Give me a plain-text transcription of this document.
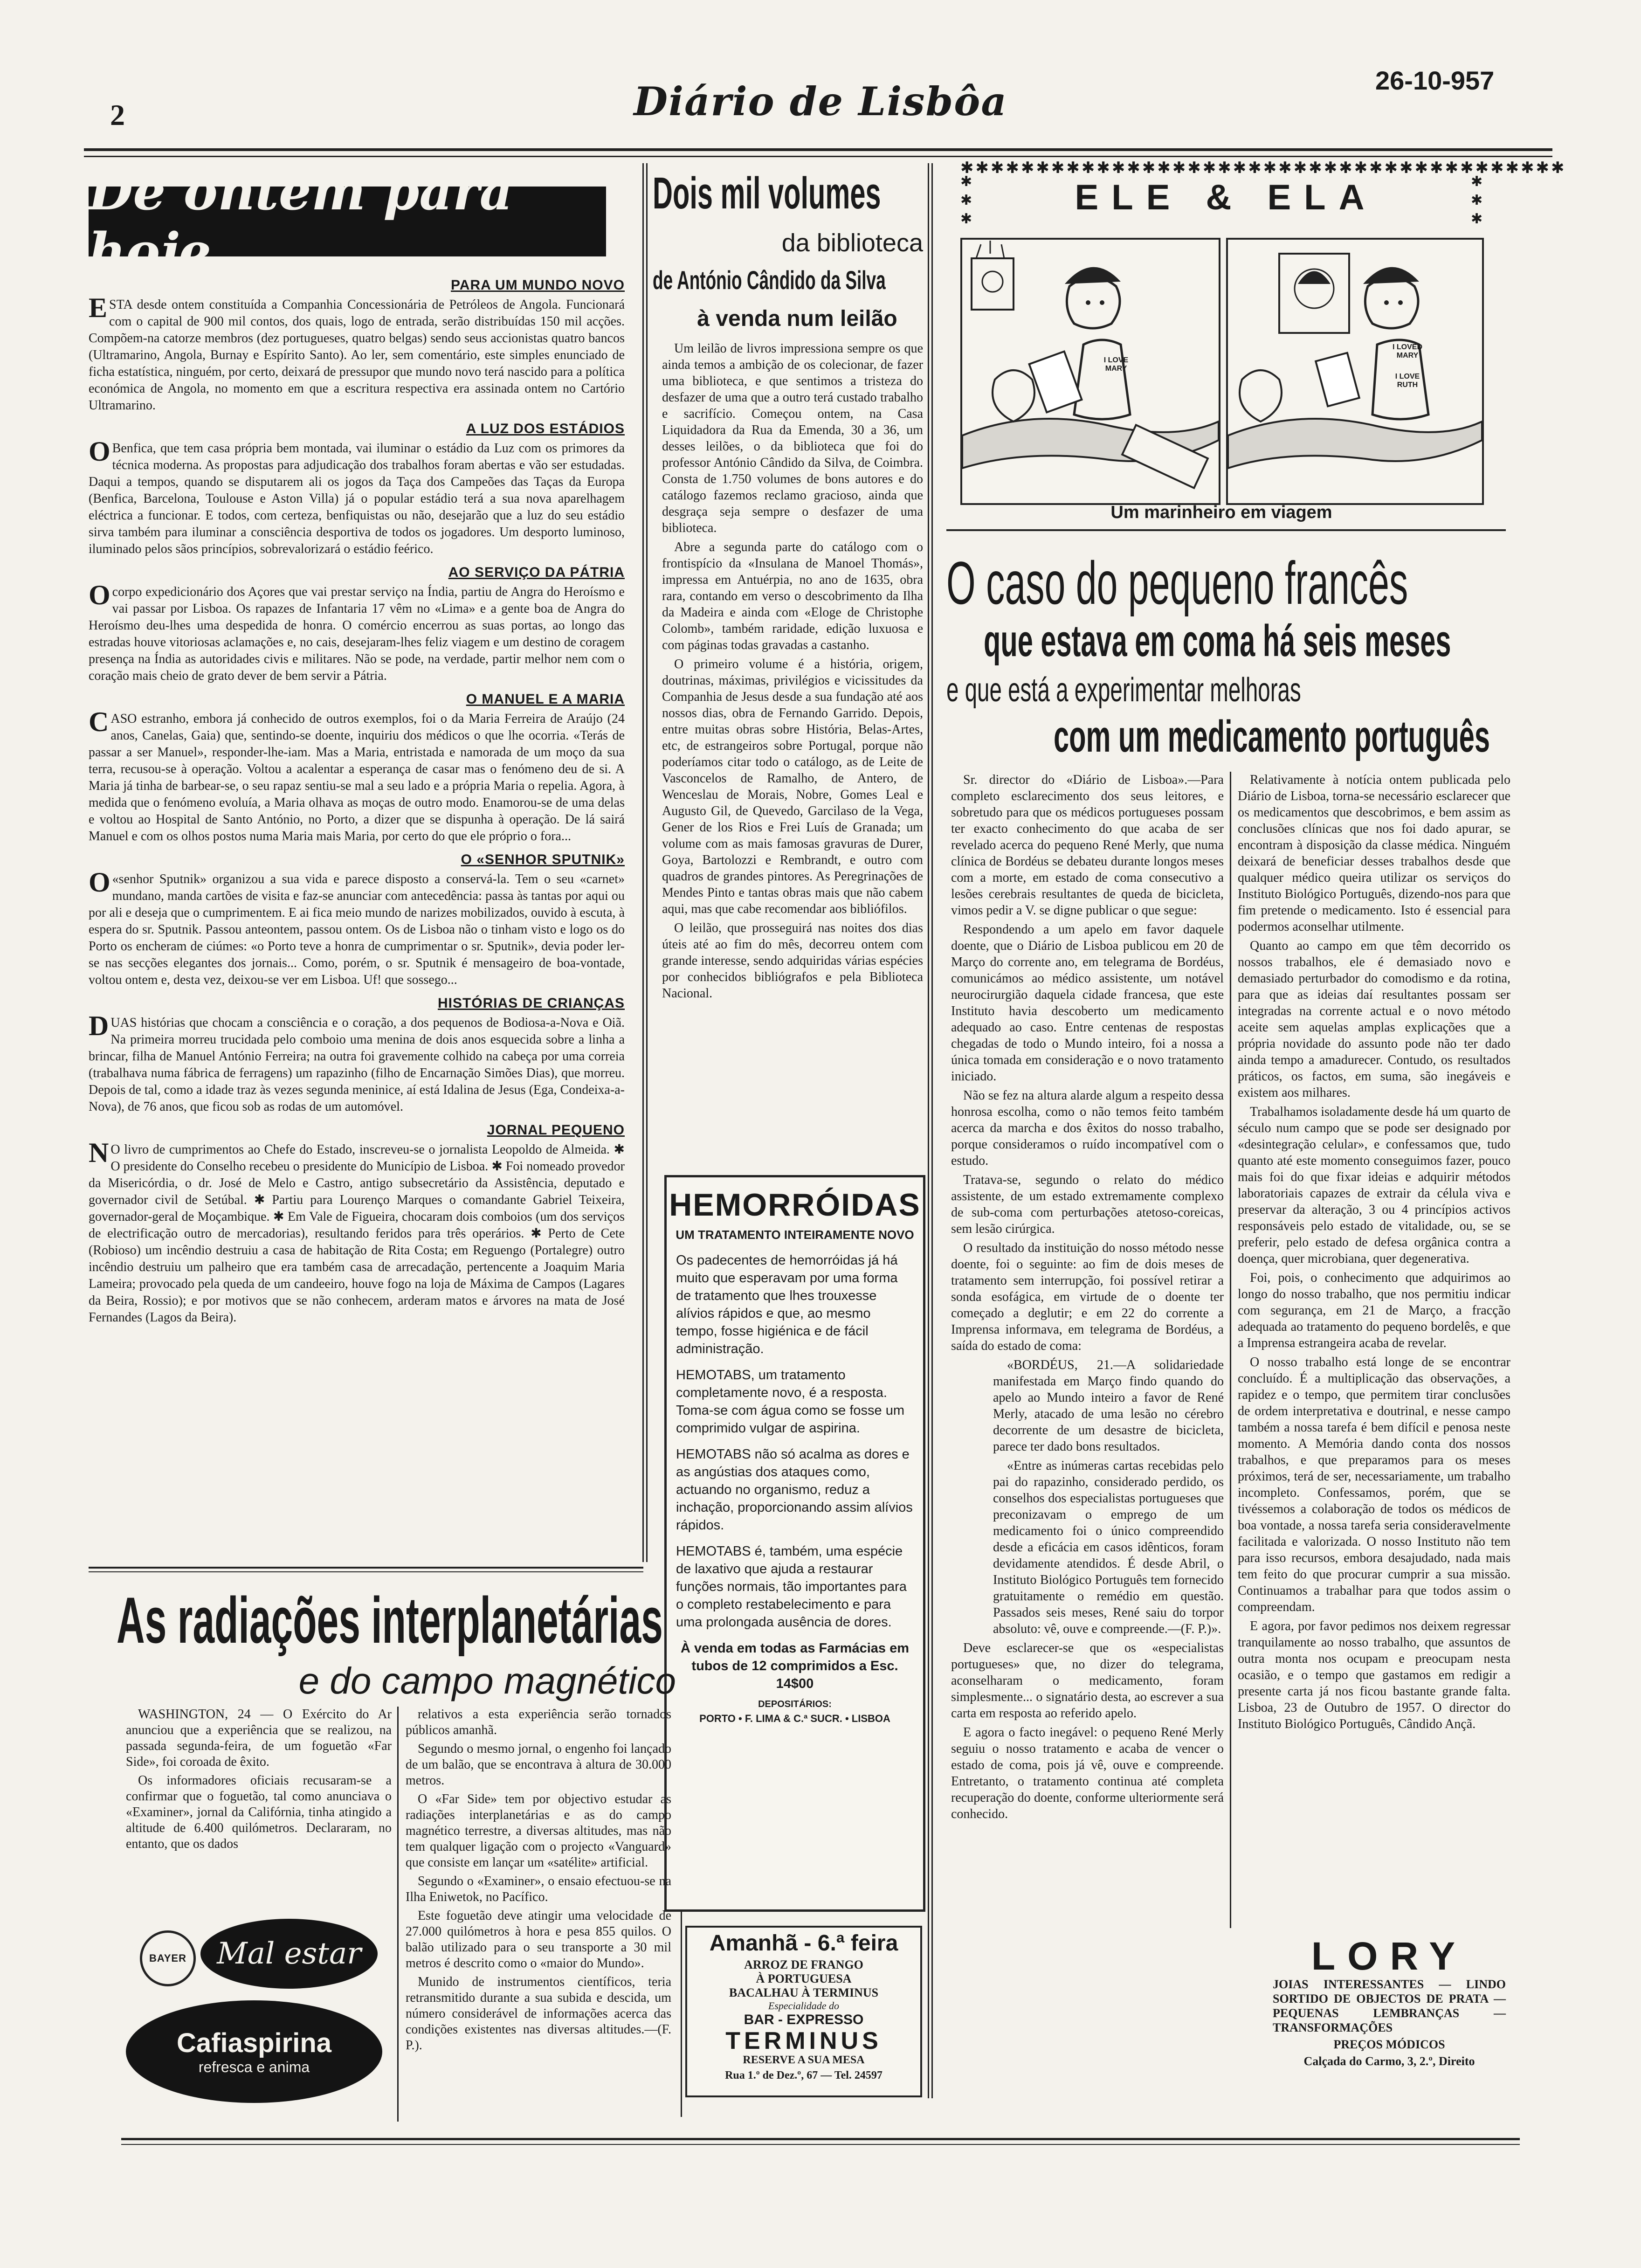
2	Diário de Lisbôa	26-10-957
De ontem para hoje
PARA UM MUNDO NOVO

ESTA desde ontem constituída a Companhia Concessionária de Petróleos de Angola. Funcionará com o capital de 900 mil contos, dos quais, logo de entrada, serão distribuídas 150 mil acções. Compõem-na catorze membros (dez portugueses, quatro belgas) sendo seus accionistas quatro bancos (Ultramarino, Angola, Burnay e Espírito Santo). Ao ler, sem comentário, este simples enunciado de ficha estatística, ninguém, por certo, deixará de pressupor que mundo novo terá nascido para a política económica de Angola, no momento em que a escritura respectiva era assinada ontem no Cartório Ultramarino.

A LUZ DOS ESTÁDIOS

OBenfica, que tem casa própria bem montada, vai iluminar o estádio da Luz com os primores da técnica moderna. As propostas para adjudicação dos trabalhos foram abertas e vão ser estudadas. Daqui a tempos, quando se disputarem ali os jogos da Taça dos Campeões das Taças da Europa (Benfica, Barcelona, Toulouse e Aston Villa) já o popular estádio terá a sua nova aparelhagem eléctrica a funcionar. E todos, com certeza, benfiquistas ou não, desejarão que a luz do seu estádio sirva também para iluminar a consciência desportiva de todos os jogadores. Um desporto luminoso, iluminado pelos sãos princípios, sobrevalorizará o estádio feérico.

AO SERVIÇO DA PÁTRIA

Ocorpo expedicionário dos Açores que vai prestar serviço na Índia, partiu de Angra do Heroísmo e vai passar por Lisboa. Os rapazes de Infantaria 17 vêm no «Lima» e a gente boa de Angra do Heroísmo deu-lhes uma despedida de honra. O comércio encerrou as suas portas, ao longo das estradas houve vitoriosas aclamações e, no cais, desejaram-lhes feliz viagem e um destino de coragem presença na Índia as autoridades civis e militares. Não se pode, na verdade, partir melhor nem com o coração mais cheio de grato dever de bem servir a Pátria.

O MANUEL E A MARIA

CASO estranho, embora já conhecido de outros exemplos, foi o da Maria Ferreira de Araújo (24 anos, Canelas, Gaia) que, sentindo-se doente, inquiriu dos médicos o que lhe ocorria. «Terás de passar a ser Manuel», responder-lhe-iam. Mas a Maria, entristada e namorada de um moço da sua terra, recusou-se à operação. Voltou a acalentar a esperança de casar mas o fenómeno deu de si. A Maria já tinha de barbear-se, o seu rapaz sentiu-se mal a seu lado e a própria Maria o repelia. Agora, à medida que o fenómeno evoluía, a Maria olhava as moças de outro modo. Enamorou-se de uma delas e voltou ao Hospital de Santo António, no Porto, a dizer que se dispunha à operação. De lá sairá Manuel e com os olhos postos numa Maria mais Maria, por certo do que ele próprio o fora...

O «SENHOR SPUTNIK»

O«senhor Sputnik» organizou a sua vida e parece disposto a conservá-la. Tem o seu «carnet» mundano, manda cartões de visita e faz-se anunciar com antecedência: passa às tantas por aqui ou por ali e deseja que o cumprimentem. E ai fica meio mundo de narizes mobilizados, ouvido à escuta, à espera do sr. Sputnik. Passou anteontem, passou ontem. Os de Lisboa não o tinham visto e logo os do Porto os encheram de ciúmes: «o Porto teve a honra de cumprimentar o sr. Sputnik», devia poder ler-se nas secções elegantes dos jornais... Como, porém, o sr. Sputnik é mensageiro de boa-vontade, voltou ontem e, desta vez, deixou-se ver em Lisboa. Uf! que sossego...

HISTÓRIAS DE CRIANÇAS

DUAS histórias que chocam a consciência e o coração, a dos pequenos de Bodiosa-a-Nova e Oiã. Na primeira morreu trucidada pelo comboio uma menina de dois anos esquecida sobre a linha a brincar, filha de Manuel António Ferreira; na outra foi gravemente colhido na cabeça por uma correia (trabalhava numa fábrica de ferragens) um rapazinho (filho de Encarnação Simões Dias), que morreu. Depois de tal, como a idade traz às vezes segunda meninice, aí está Idalina de Jesus (Ega, Condeixa-a-Nova), de 76 anos, que ficou sob as rodas de um automóvel.

JORNAL PEQUENO

NO livro de cumprimentos ao Chefe do Estado, inscreveu-se o jornalista Leopoldo de Almeida. ✱ O presidente do Conselho recebeu o presidente do Município de Lisboa. ✱ Foi nomeado provedor da Misericórdia, o dr. José de Melo e Castro, antigo subsecretário da Assistência, deputado e governador civil de Setúbal. ✱ Partiu para Lourenço Marques o comandante Gabriel Teixeira, governador-geral de Moçambique. ✱ Em Vale de Figueira, chocaram dois comboios (um dos serviços de electrificação outro de mercadorias), resultando feridos para três operários. ✱ Perto de Cete (Robioso) um incêndio destruiu a casa de habitação de Rita Costa; em Reguengo (Portalegre) outro incêndio destruiu um palheiro que era também casa de arrecadação, pertencente a Joaquim Maria Lameira; provocado pela queda de um candeeiro, houve fogo na loja de Máxima de Campos (Lagares da Beira, Rossio); e por motivos que se não conhecem, arderam matos e árvores na mata de José Fernandes (Lagos da Beira).

Dois mil volumes
da biblioteca
de António Cândido da Silva
à venda num leilão

Um leilão de livros impressiona sempre os que ainda temos a ambição de os colecionar, de fazer uma biblioteca, e que sentimos a tristeza do desfazer de uma que a outro terá custado trabalho e sacrifício. Começou ontem, na Casa Liquidadora da Rua da Emenda, 30 a 36, um desses leilões, o da biblioteca que foi do professor António Cândido da Silva, de Coimbra. Consta de 1.750 volumes de bons autores e do catálogo fazemos reclamo gracioso, ainda que desgraça seja sempre o desfazer de uma biblioteca.

Abre a segunda parte do catálogo com o frontispício da «Insulana de Manoel Thomás», impressa em Antuérpia, no ano de 1635, obra rara, contando em verso o descobrimento da Ilha da Madeira e ainda com «Eloge de Christophe Colomb», também raridade, edição luxuosa e com páginas todas gravadas a castanho.

O primeiro volume é a história, origem, doutrinas, máximas, privilégios e vicissitudes da Companhia de Jesus desde a sua fundação até aos nossos dias, obra de Fernando Garrido. Depois, entre muitas obras sobre História, Belas-Artes, etc, de estrangeiros sobre Portugal, porque não poderíamos citar todo o catálogo, as de Leite de Vasconcelos de Ramalho, de Antero, de Wenceslau de Morais, Nobre, Gomes Leal e Augusto Gil, de Quevedo, Garcilaso de la Vega, Gener de los Rios e Frei Luís de Granada; um volume com as mais famosas gravuras de Durer, Goya, Bartolozzi e Rembrandt, e outro com quadros de grandes pintores. As Peregrinações de Mendes Pinto e tantas obras mais que não cabem aqui, mas que cabe recomendar aos bibliófilos.

O leilão, que prosseguirá nas noites dos dias úteis até ao fim do mês, decorreu ontem com grande interesse, sendo adquiridas várias espécies por conhecidos bibliógrafos e pela Biblioteca Nacional.

HEMORRÓIDAS
UM TRATAMENTO INTEIRAMENTE NOVO

Os padecentes de hemorróidas já há muito que esperavam por uma forma de tratamento que lhes trouxesse alívios rápidos e que, ao mesmo tempo, fosse higiénica e de fácil administração.

HEMOTABS, um tratamento completamente novo, é a resposta. Toma-se com água como se fosse um comprimido vulgar de aspirina.

HEMOTABS não só acalma as dores e as angústias dos ataques como, actuando no organismo, reduz a inchação, proporcionando assim alívios rápidos.

HEMOTABS é, também, uma espécie de laxativo que ajuda a restaurar funções normais, tão importantes para o completo restabelecimento e para uma prolongada ausência de dores.

À venda em todas as Farmácias em tubos de 12 comprimidos a Esc. 14$00

DEPOSITÁRIOS:
PORTO • F. LIMA & C.ª SUCR. • LISBOA
Amanhã - 6.ª feira
ARROZ DE FRANGO
À PORTUGUESA
BACALHAU À TERMINUS
Especialidade do
BAR - EXPRESSO
TERMINUS
RESERVE A SUA MESA
Rua 1.º de Dez.º, 67 — Tel. 24597
✱✱✱✱✱✱✱✱✱✱✱✱✱✱✱✱✱✱✱✱✱✱✱✱✱✱✱✱✱✱✱✱✱✱✱✱✱✱✱✱
✱
✱
✱
✱
✱
✱
ELE & ELA
I LOVE MARY
I LOVED MARY
I LOVE RUTH
Um marinheiro em viagem
O caso do pequeno francês
que estava em coma há seis meses
e que está a experimentar melhoras
com um medicamento português

Sr. director do «Diário de Lisboa».—Para completo esclarecimento dos seus leitores, e sobretudo para que os médicos portugueses possam ter exacto conhecimento do que acaba de ser revelado acerca do pequeno René Merly, que numa clínica de Bordéus se debateu durante longos meses com a morte, em estado de coma consecutivo a lesões cerebrais resultantes de queda de bicicleta, vimos pedir a V. se digne publicar o que segue:

Respondendo a um apelo em favor daquele doente, que o Diário de Lisboa publicou em 20 de Março do corrente ano, em telegrama de Bordéus, comunicámos ao médico assistente, um notável neurocirurgião daquela cidade francesa, que este Instituto havia descoberto um medicamento adequado ao caso. Entre centenas de respostas chegadas de todo o Mundo inteiro, foi a nossa a única tomada em consideração e o novo tratamento iniciado.

Não se fez na altura alarde algum a respeito dessa honrosa escolha, como o não temos feito também acerca da marcha e dos êxitos do nosso trabalho, porque consideramos o ruído incompatível com o estudo.

Tratava-se, segundo o relato do médico assistente, de um estado extremamente complexo de sub-coma com perturbações atetoso-coreicas, sem lesão cirúrgica.

O resultado da instituição do nosso método nesse doente, foi o seguinte: ao fim de dois meses de tratamento sem interrupção, foi possível retirar a sonda esofágica, em virtude de o doente ter começado a deglutir; e em 22 do corrente a Imprensa informava, em telegrama de Bordéus, a saída do estado de coma:

«BORDÉUS, 21.—A solidariedade manifestada em Março findo quando do apelo ao Mundo inteiro a favor de René Merly, atacado de uma lesão no cérebro decorrente de um desastre de bicicleta, parece ter dado bons resultados.

«Entre as inúmeras cartas recebidas pelo pai do rapazinho, considerado perdido, os conselhos dos especialistas portugueses que preconizavam o emprego de um medicamento foi o único compreendido desde a eficácia em casos idênticos, foram devidamente atendidos. É desde Abril, o Instituto Biológico Português tem fornecido gratuitamente o remédio em questão. Passados seis meses, René saiu do torpor absoluto: vê, ouve e compreende.—(F. P.)».

Deve esclarecer-se que os «especialistas portugueses» que, no dizer do telegrama, aconselharam o medicamento, foram simplesmente... o signatário desta, ao escrever a sua carta em resposta ao referido apelo.

E agora o facto inegável: o pequeno René Merly seguiu o nosso tratamento e acaba de vencer o estado de coma, pois já vê, ouve e compreende. Entretanto, o tratamento continua até completa recuperação do doente, conforme ulteriormente será conhecido.

Relativamente à notícia ontem publicada pelo Diário de Lisboa, torna-se necessário esclarecer que os medicamentos que descobrimos, e bem assim as conclusões clínicas que nos foi dado apurar, se encontram à disposição da classe médica. Ninguém deixará de beneficiar desses trabalhos desde que qualquer médico queira utilizar os serviços do Instituto Biológico Português, dizendo-nos para que fim pretende o medicamento. Isto é essencial para podermos aconselhar utilmente.

Quanto ao campo em que têm decorrido os nossos trabalhos, ele é demasiado novo e demasiado perturbador do comodismo e da rotina, para que as ideias daí resultantes possam ser integradas na corrente actual e o novo método aceite sem aquelas amplas explicações que a própria novidade do assunto pode não ter dado ainda tempo a amadurecer. Contudo, os resultados práticos, os factos, em suma, são inegáveis e existem aos milhares.

Trabalhamos isoladamente desde há um quarto de século num campo que se pode ser designado por «desintegração celular», e confessamos que, tudo quanto até este momento conseguimos fazer, pouco mais foi do que fixar ideias e adquirir métodos laboratoriais capazes de extrair da célula viva e preservar da alteração, 3 ou 4 princípios activos responsáveis pelo estado de vitalidade, ou, se se preferir, pelo estado de defesa orgânica contra a doença, quer microbiana, quer degenerativa.

Foi, pois, o conhecimento que adquirimos ao longo do nosso trabalho, que nos permitiu indicar com segurança, em 21 de Março, a fracção adequada ao tratamento do pequeno bordelês, e que a Imprensa estrangeira acaba de revelar.

O nosso trabalho está longe de se encontrar concluído. É a multiplicação das observações, a rapidez e o tempo, que permitem tirar conclusões de ordem interpretativa e doutrinal, e nesse campo também a nossa tarefa é bem difícil e penosa neste momento. A Memória dando conta dos nossos trabalhos, e que preparamos para os meses próximos, terá de ser, necessariamente, um trabalho incompleto. Confessamos, porém, que se tivéssemos a colaboração de todos os médicos de boa vontade, a nossa tarefa seria consideravelmente facilitada e valorizada. O nosso Instituto não tem para isso recursos, embora desajudado, nada mais tem feito do que procurar cumprir a sua missão. Continuamos a trabalhar para que todos assim o compreendam.

E agora, por favor pedimos nos deixem regressar tranquilamente ao nosso trabalho, que assuntos de outra monta nos ocupam e preocupam nesta ocasião, e o tempo que gastamos em redigir a presente carta já nos ficou bastante grande falta. Lisboa, 23 de Outubro de 1957. O director do Instituto Biológico Português, Cândido Ançã.

LORY
JOIAS INTERESSANTES — LINDO SORTIDO DE OBJECTOS DE PRATA — PEQUENAS LEMBRANÇAS — TRANSFORMAÇÕES
PREÇOS MÓDICOS
Calçada do Carmo, 3, 2.º, Direito
As radiações interplanetárias
e do campo magnético

WASHINGTON, 24 — O Exército do Ar anunciou que a experiência que se realizou, na passada segunda-feira, de um foguetão «Far Side», foi coroada de êxito.

Os informadores oficiais recusaram-se a confirmar que o foguetão, tal como anunciava o «Examiner», jornal da Califórnia, tinha atingido a altitude de 6.400 quilómetros. Declararam, no entanto, que os dados

relativos a esta experiência serão tornados públicos amanhã.

Segundo o mesmo jornal, o engenho foi lançado de um balão, que se encontrava à altura de 30.000 metros.

O «Far Side» tem por objectivo estudar as radiações interplanetárias e as do campo magnético terrestre, a diversas altitudes, mas não tem qualquer ligação com o projecto «Vanguard» que consiste em lançar um «satélite» artificial.

Segundo o «Examiner», o ensaio efectuou-se na Ilha Eniwetok, no Pacífico.

Este foguetão deve atingir uma velocidade de 27.000 quilómetros à hora e pesa 855 quilos. O balão utilizado para o seu transporte a 30 mil metros é descrito como o «maior do Mundo».

Munido de instrumentos científicos, teria retransmitido durante a sua subida e descida, um número considerável de informações acerca das condições existentes nas diversas altitudes.—(F. P.).

BAYER Mal estar
Cafiaspirina
refresca e anima
